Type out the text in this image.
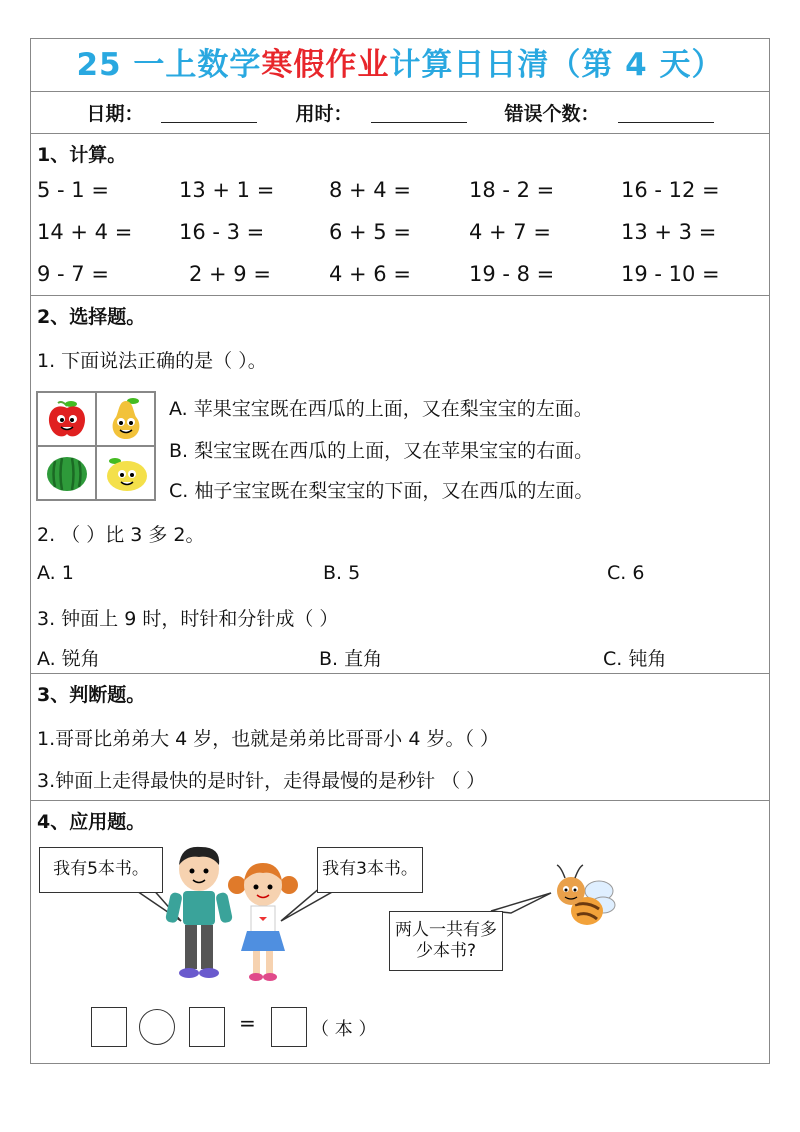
25 一上数学寒假作业计算日日清（第 4 天）
日期：	用时：	错误个数：
1、计算。
5 - 1 =	13 + 1 =	8 + 4 =	18 - 2 =	16 - 12 =
14 + 4 = 16 - 3 =	6 + 5 =	4 + 7 =	13 + 3 =
9 - 7 =	2 + 9 =	4 + 6 =	19 - 8 =	19 - 10 =
2、选择题。
1. 下面说法正确的是（ ）。
A. 苹果宝宝既在西瓜的上面，又在梨宝宝的左面。
B. 梨宝宝既在西瓜的上面，又在苹果宝宝的右面。
C. 柚子宝宝既在梨宝宝的下面，又在西瓜的左面。
2. （ ）比 3 多 2。
A. 1	B. 5	C. 6
3. 钟面上 9 时，时针和分针成（ ）
A. 锐角	B. 直角	C. 钝角
3、判断题。
1.哥哥比弟弟大 4 岁，也就是弟弟比哥哥小 4 岁。（ ）
3.钟面上走得最快的是时针，走得最慢的是秒针 （ ）
4、应用题。
我有5本书。	我有3本书。
两人一共有多少本书?
=	（ 本 ）
